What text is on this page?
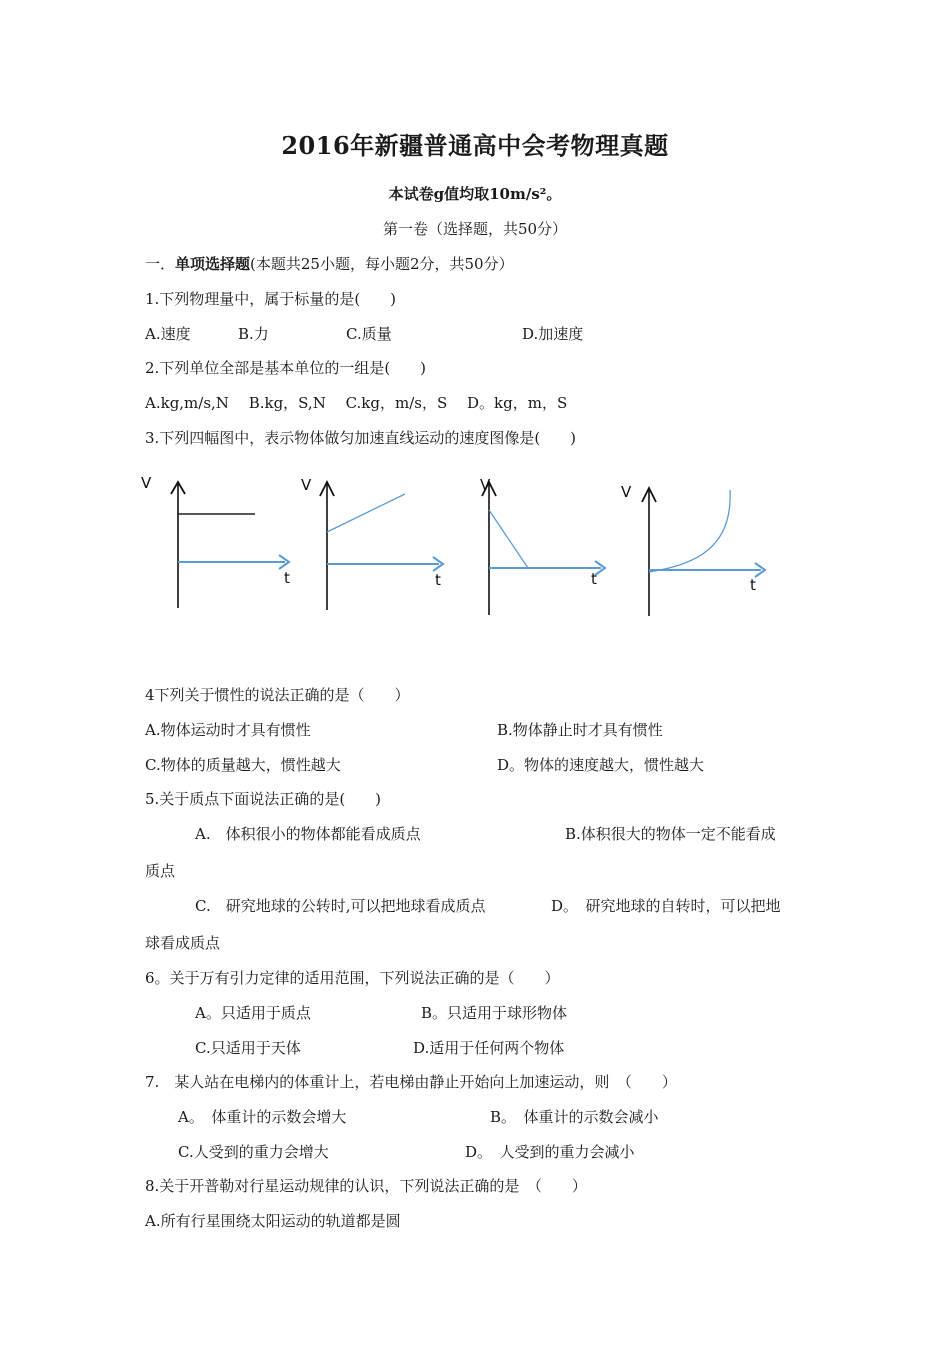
2016年新疆普通高中会考物理真题
本试卷g值均取10m/s²。
第一卷（选择题，共50分）
一．单项选择题(本题共25小题，每小题2分，共50分）
1.下列物理量中，属于标量的是(　　)
A.速度	B.力	C.质量	D.加速度
2.下列单位全部是基本单位的一组是(　　)
A.kg,m/s,N　 B.kg，S,N　 C.kg，m/s，S　 D。kg，m，S
3.下列四幅图中，表示物体做匀加速直线运动的速度图像是(　　)
V
t
V
t
V
t
V
t
4下列关于惯性的说法正确的是（　　）
A.物体运动时才具有惯性	B.物体静止时才具有惯性
C.物体的质量越大，惯性越大	D。物体的速度越大，惯性越大
5.关于质点下面说法正确的是(　　)
A.　体积很小的物体都能看成质点	B.体积很大的物体一定不能看成
质点
C.　研究地球的公转时,可以把地球看成质点	D。　研究地球的自转时，可以把地
球看成质点
6。关于万有引力定律的适用范围，下列说法正确的是（　　）
A。只适用于质点	B。只适用于球形物体
C.只适用于天体	D.适用于任何两个物体
7.　某人站在电梯内的体重计上，若电梯由静止开始向上加速运动，则　（　　）
A。　体重计的示数会增大	B。　体重计的示数会减小
C.人受到的重力会增大	D。　人受到的重力会减小
8.关于开普勒对行星运动规律的认识，下列说法正确的是　（　　）
A.所有行星围绕太阳运动的轨道都是圆
